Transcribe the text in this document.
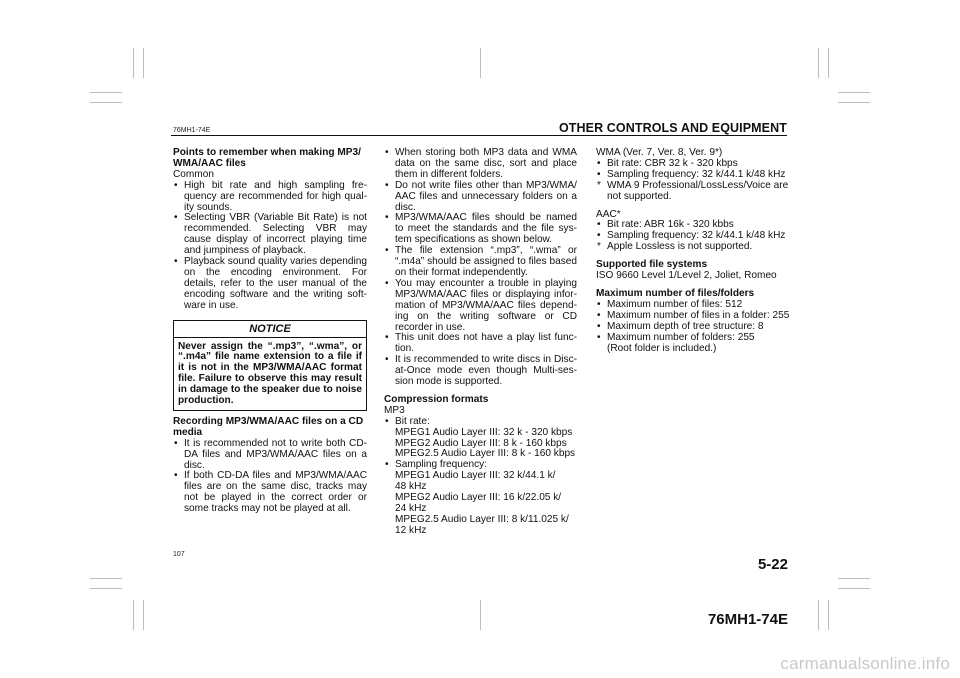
76MH1-74E	OTHER CONTROLS AND EQUIPMENT

Points to remember when making MP3/ WMA/AAC files

Common

• High bit rate and high sampling fre- quency are recommended for high qual- ity sounds.
• Selecting VBR (Variable Bit Rate) is not recommended. Selecting VBR may cause display of incorrect playing time and jumpiness of playback.
• Playback sound quality varies depending on the encoding environment. For details, refer to the user manual of the encoding software and the writing soft- ware in use.
NOTICE
Never assign the “.mp3”, “.wma”, or “.m4a” file name extension to a file if it is not in the MP3/WMA/AAC format file. Failure to observe this may result in damage to the speaker due to noise production.

Recording MP3/WMA/AAC files on a CD media

• It is recommended not to write both CD- DA files and MP3/WMA/AAC files on a disc.
• If both CD-DA files and MP3/WMA/AAC files are on the same disc, tracks may not be played in the correct order or some tracks may not be played at all.
• When storing both MP3 data and WMA data on the same disc, sort and place them in different folders.
• Do not write files other than MP3/WMA/ AAC files and unnecessary folders on a disc.
• MP3/WMA/AAC files should be named to meet the standards and the file sys- tem specifications as shown below.
• The file extension “.mp3”, “.wma” or “.m4a” should be assigned to files based on their format independently.
• You may encounter a trouble in playing MP3/WMA/AAC files or displaying infor- mation of MP3/WMA/AAC files depend- ing on the writing software or CD recorder in use.
• This unit does not have a play list func- tion.
• It is recommended to write discs in Disc- at-Once mode even though Multi-ses- sion mode is supported.

Compression formats

MP3

• Bit rate:
MPEG1 Audio Layer III: 32 k - 320 kbps
MPEG2 Audio Layer III: 8 k - 160 kbps
MPEG2.5 Audio Layer III: 8 k - 160 kbps
• Sampling frequency:
MPEG1 Audio Layer III: 32 k/44.1 k/
48 kHz
MPEG2 Audio Layer III: 16 k/22.05 k/
24 kHz
MPEG2.5 Audio Layer III: 8 k/11.025 k/
12 kHz

WMA (Ver. 7, Ver. 8, Ver. 9*)

• Bit rate: CBR 32 k - 320 kbps
• Sampling frequency: 32 k/44.1 k/48 kHz
* WMA 9 Professional/LossLess/Voice are not supported.

AAC*

• Bit rate: ABR 16k - 320 kbbs
• Sampling frequency: 32 k/44.1 k/48 kHz
* Apple Lossless is not supported.

Supported file systems

ISO 9660 Level 1/Level 2, Joliet, Romeo

Maximum number of files/folders

• Maximum number of files: 512
• Maximum number of files in a folder: 255
• Maximum depth of tree structure: 8
• Maximum number of folders: 255

(Root folder is included.)

107
5-22
76MH1-74E
carmanualsonline.info
